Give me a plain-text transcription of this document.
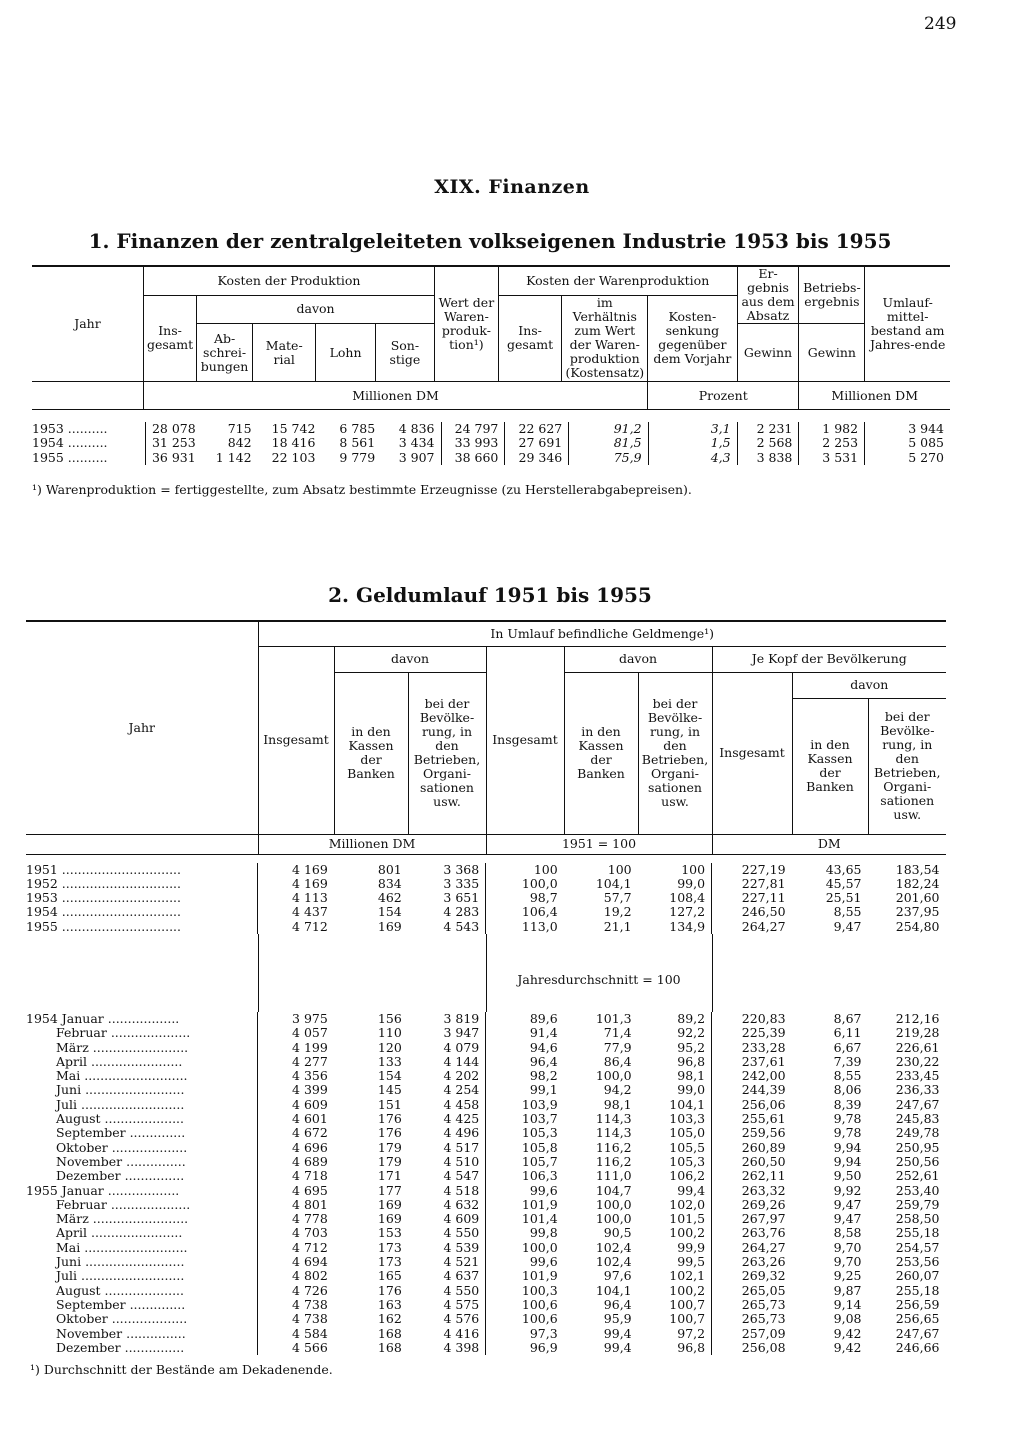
249
XIX. Finanzen
1. Finanzen der zentralgeleiteten volkseigenen Industrie 1953 bis 1955
Jahr	Kosten der Produktion					Wert der Waren-produk-tion¹)	Kosten der Warenproduktion			Er-gebnis aus dem Absatz	Betriebs-ergebnis	Umlauf-mittel-bestand am Jahres-ende
	Ins-gesamt	davon					Ins-gesamt	im Verhältnis zum Wert der Waren-produktion (Kostensatz)	Kosten-senkung gegenüber dem Vorjahr			
		Ab-schrei-bungen	Mate-rial	Lohn	Son-stige					Gewinn	Gewinn	
	Millionen DM								Prozent		Millionen DM	
1953 ..........	28 078	715	15 742	6 785	4 836	24 797	22 627	91,2	3,1	2 231	1 982	3 944
1954 ..........	31 253	842	18 416	8 561	3 434	33 993	27 691	81,5	1,5	2 568	2 253	5 085
1955 ..........	36 931	1 142	22 103	9 779	3 907	38 660	29 346	75,9	4,3	3 838	3 531	5 270
¹) Warenproduktion = fertiggestellte, zum Absatz bestimmte Erzeugnisse (zu Herstellerabgabepreisen).
2. Geldumlauf 1951 bis 1955
Jahr	In Umlauf befindliche Geldmenge¹)								
	Insgesamt	davon		Insgesamt	davon		Je Kopf der Bevölkerung		
		in den Kassen der Banken	bei der Bevölke-rung, in den Betrieben, Organi-sationen usw.		in den Kassen der Banken	bei der Bevölke-rung, in den Betrieben, Organi-sationen usw.	Insgesamt	davon	
								in den Kassen der Banken	bei der Bevölke-rung, in den Betrieben, Organi-sationen usw.
	Millionen DM			1951 = 100			DM		
1951 ..............................	4 169	801	3 368	100	100	100	227,19	43,65	183,54
1952 ..............................	4 169	834	3 335	100,0	104,1	99,0	227,81	45,57	182,24
1953 ..............................	4 113	462	3 651	98,7	57,7	108,4	227,11	25,51	201,60
1954 ..............................	4 437	154	4 283	106,4	19,2	127,2	246,50	8,55	237,95
1955 ..............................	4 712	169	4 543	113,0	21,1	134,9	264,27	9,47	254,80
Jahresdurchschnitt = 100
1954 Januar ..................	3 975	156	3 819	89,6	101,3	89,2	220,83	8,67	212,16
Februar ....................	4 057	110	3 947	91,4	71,4	92,2	225,39	6,11	219,28
März ........................	4 199	120	4 079	94,6	77,9	95,2	233,28	6,67	226,61
April .......................	4 277	133	4 144	96,4	86,4	96,8	237,61	7,39	230,22
Mai ..........................	4 356	154	4 202	98,2	100,0	98,1	242,00	8,55	233,45
Juni .........................	4 399	145	4 254	99,1	94,2	99,0	244,39	8,06	236,33
Juli ..........................	4 609	151	4 458	103,9	98,1	104,1	256,06	8,39	247,67
August ....................	4 601	176	4 425	103,7	114,3	103,3	255,61	9,78	245,83
September ..............	4 672	176	4 496	105,3	114,3	105,0	259,56	9,78	249,78
Oktober ...................	4 696	179	4 517	105,8	116,2	105,5	260,89	9,94	250,95
November ...............	4 689	179	4 510	105,7	116,2	105,3	260,50	9,94	250,56
Dezember ...............	4 718	171	4 547	106,3	111,0	106,2	262,11	9,50	252,61
1955 Januar ..................	4 695	177	4 518	99,6	104,7	99,4	263,32	9,92	253,40
Februar ....................	4 801	169	4 632	101,9	100,0	102,0	269,26	9,47	259,79
März ........................	4 778	169	4 609	101,4	100,0	101,5	267,97	9,47	258,50
April .......................	4 703	153	4 550	99,8	90,5	100,2	263,76	8,58	255,18
Mai ..........................	4 712	173	4 539	100,0	102,4	99,9	264,27	9,70	254,57
Juni .........................	4 694	173	4 521	99,6	102,4	99,5	263,26	9,70	253,56
Juli ..........................	4 802	165	4 637	101,9	97,6	102,1	269,32	9,25	260,07
August ....................	4 726	176	4 550	100,3	104,1	100,2	265,05	9,87	255,18
September ..............	4 738	163	4 575	100,6	96,4	100,7	265,73	9,14	256,59
Oktober ...................	4 738	162	4 576	100,6	95,9	100,7	265,73	9,08	256,65
November ...............	4 584	168	4 416	97,3	99,4	97,2	257,09	9,42	247,67
Dezember ...............	4 566	168	4 398	96,9	99,4	96,8	256,08	9,42	246,66
¹) Durchschnitt der Bestände am Dekadenende.
